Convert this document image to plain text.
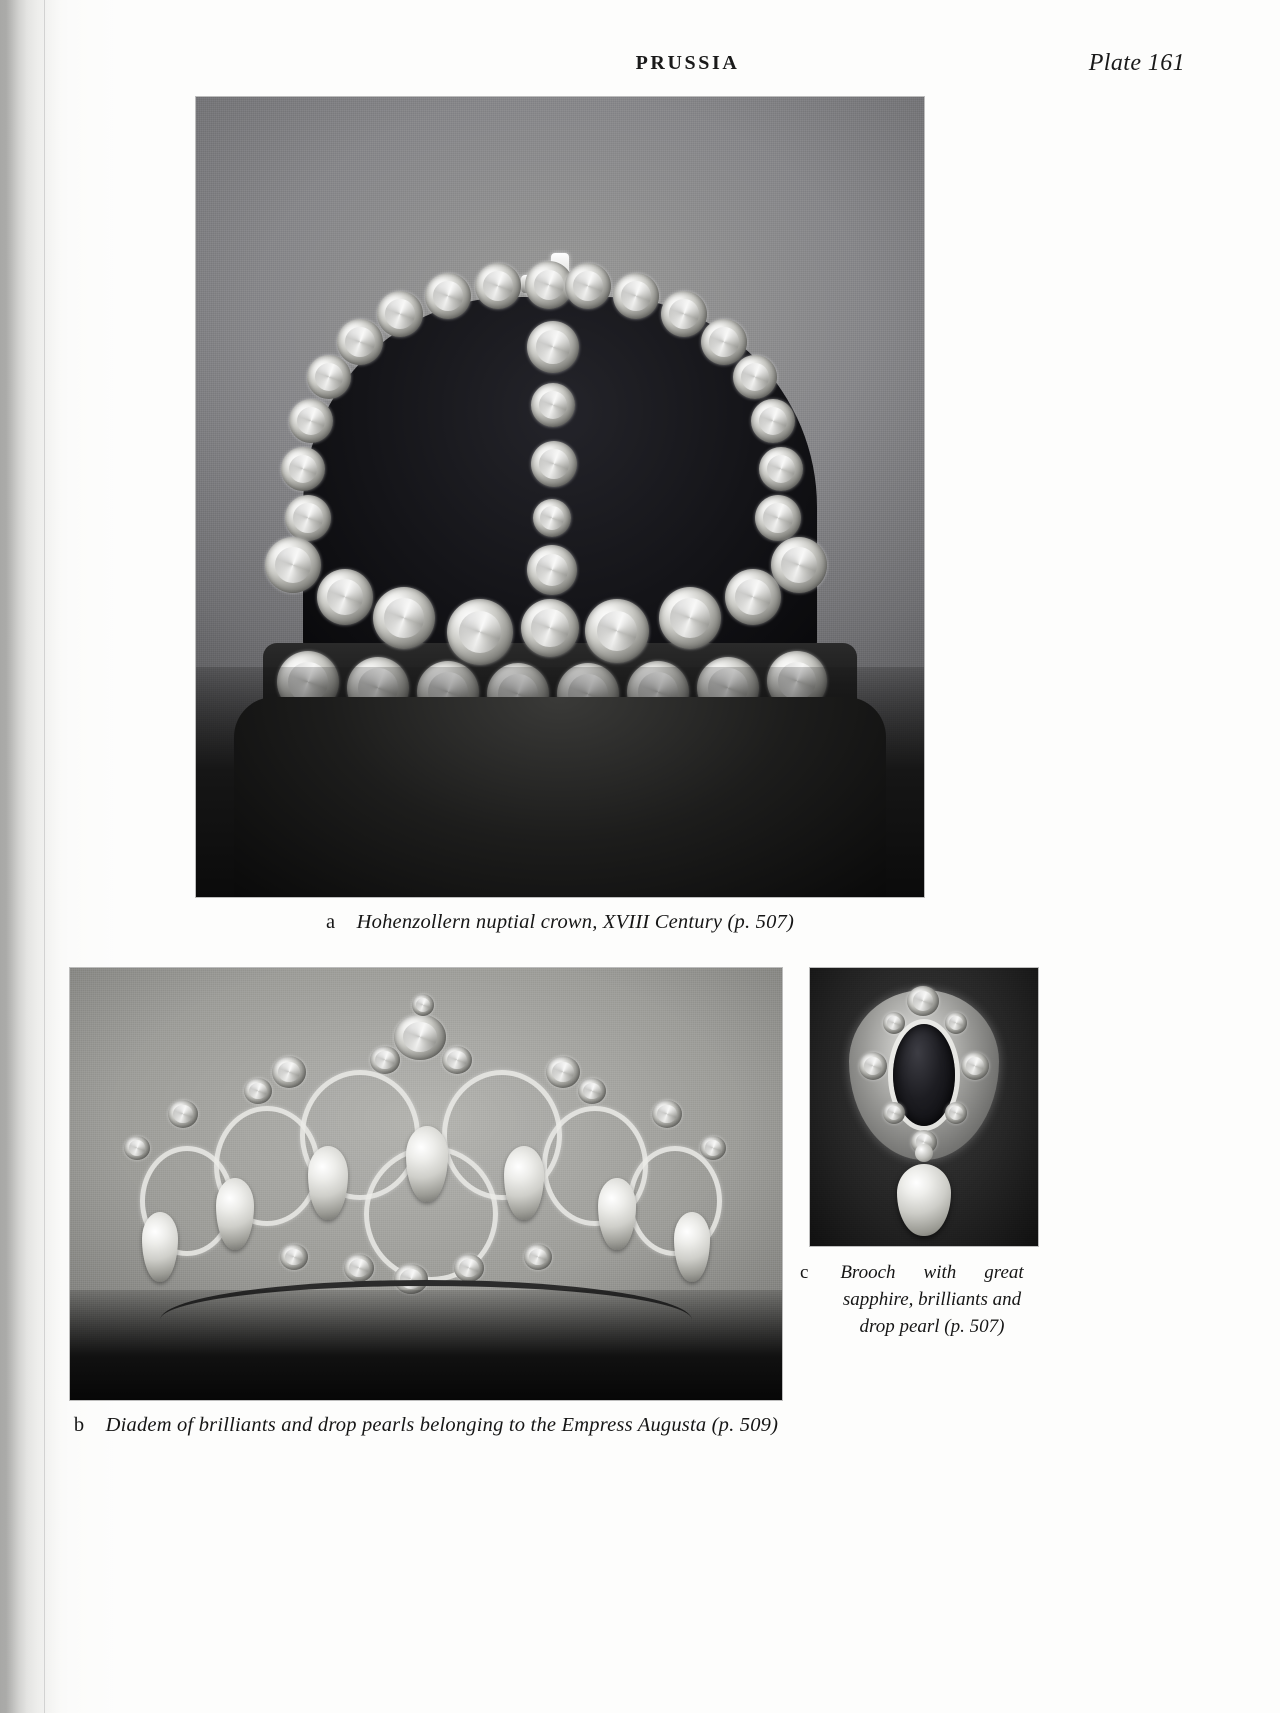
PRUSSIA	Plate 161
a Hohenzollern nuptial crown, XVIII Century (p. 507)
b Diadem of brilliants and drop pearls belonging to the Empress Augusta (p. 509)
c	Brooch with great
sapphire, brilliants and
drop pearl (p. 507)
